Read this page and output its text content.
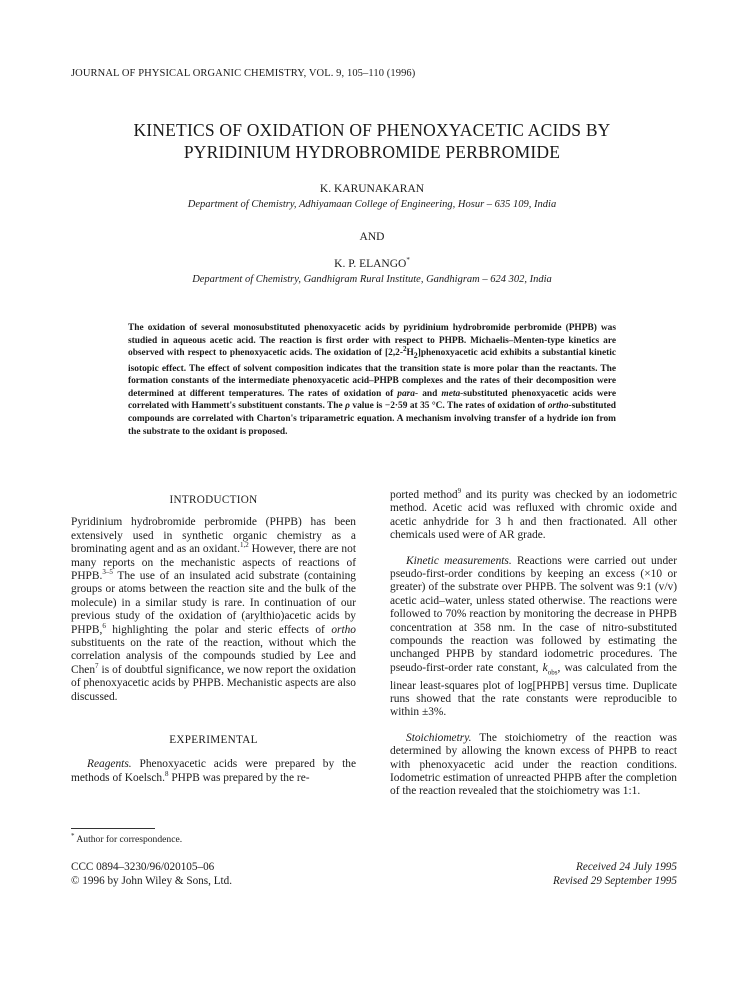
JOURNAL OF PHYSICAL ORGANIC CHEMISTRY, VOL. 9, 105–110 (1996)
KINETICS OF OXIDATION OF PHENOXYACETIC ACIDS BY
PYRIDINIUM HYDROBROMIDE PERBROMIDE
K. KARUNAKARAN
Department of Chemistry, Adhiyamaan College of Engineering, Hosur – 635 109, India
AND
K. P. ELANGO*
Department of Chemistry, Gandhigram Rural Institute, Gandhigram – 624 302, India
The oxidation of several monosubstituted phenoxyacetic acids by pyridinium hydrobromide perbromide (PHPB) was studied in aqueous acetic acid. The reaction is first order with respect to PHPB. Michaelis–Menten-type kinetics are observed with respect to phenoxyacetic acids. The oxidation of $[2,2-^2H_2]phenoxyacetic$ acid exhibits a substantial kinetic isotopic effect. The effect of solvent composition indicates that the transition state is more polar than the reactants. The formation constants of the intermediate phenoxyacetic acid–PHPB complexes and the rates of their decomposition were determined at different temperatures. The rates of oxidation of para- and meta-substituted phenoxyacetic acids were correlated with Hammett's substituent constants. The ρ value is −2·59 at 35 °C. The rates of oxidation of ortho-substituted compounds are correlated with Charton's triparametric equation. A mechanism involving transfer of a hydride ion from the substrate to the oxidant is proposed.
INTRODUCTION

Pyridinium hydrobromide perbromide (PHPB) has been extensively used in synthetic organic chemistry as a brominating agent and as an oxidant.$^{1,2}$ However, there are not many reports on the mechanistic aspects of reactions of PHPB.$^{3-5}$ The use of an insulated acid substrate (containing groups or atoms between the reaction site and the bulk of the molecule) in a similar study is rare. In continuation of our previous study of the oxidation of (arylthio)acetic acids by PHPB,$^6$ highlighting the polar and steric effects of ortho substituents on the rate of the reaction, without which the correlation analysis of the compounds studied by Lee and Chen$^7$ is of doubtful significance, we now report the oxidation of phenoxyacetic acids by PHPB. Mechanistic aspects are also discussed.

EXPERIMENTAL

Reagents. Phenoxyacetic acids were prepared by the methods of Koelsch.$^8$ PHPB was prepared by the re-

* Author for correspondence.

ported method$^9$ and its purity was checked by an iodometric method. Acetic acid was refluxed with chromic oxide and acetic anhydride for 3 h and then fractionated. All other chemicals used were of AR grade.

Kinetic measurements. Reactions were carried out under pseudo-first-order conditions by keeping an excess (×10 or greater) of the substrate over PHPB. The solvent was 9:1 (v/v) acetic acid–water, unless stated otherwise. The reactions were followed to 70% reaction by monitoring the decrease in PHPB concentration at 358 nm. In the case of nitro-substituted compounds the reaction was followed by estimating the unchanged PHPB by standard iodometric procedures. The pseudo-first-order rate constant, $k_{obs}$, was calculated from the linear least-squares plot of log[PHPB] versus time. Duplicate runs showed that the rate constants were reproducible to within ±3%.

Stoichiometry. The stoichiometry of the reaction was determined by allowing the known excess of PHPB to react with phenoxyacetic acid under the reaction conditions. Iodometric estimation of unreacted PHPB after the completion of the reaction revealed that the stoichiometry was 1:1.

CCC 0894–3230/96/020105–06
© 1996 by John Wiley & Sons, Ltd.
Received 24 July 1995
Revised 29 September 1995
